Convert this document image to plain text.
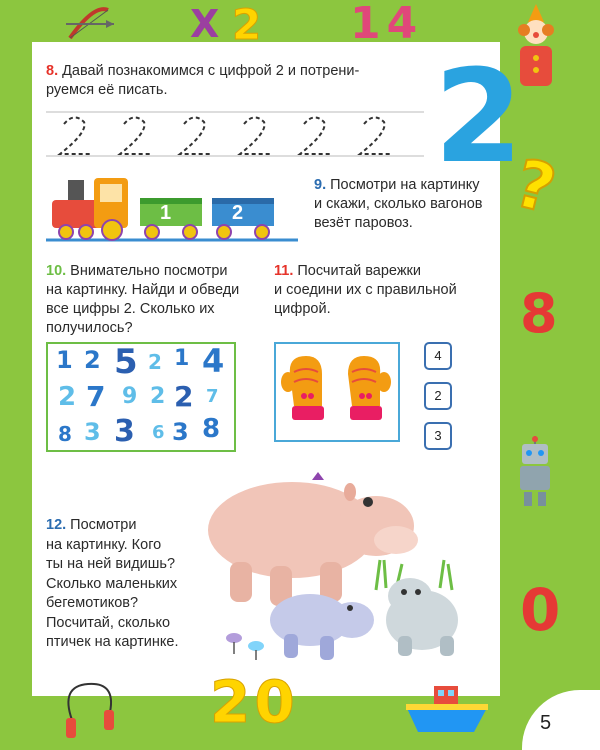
X 2 14
8. Давай познакомимся с цифрой 2 и потрени-
руемся её писать.	2
?
1	2
9. Посмотри на картинку
и скажи, сколько вагонов
везёт паровоз.
10. Внимательно посмотри
на картинку. Найди и обведи
все цифры 2. Сколько их
получилось?
11. Посчитай варежки
и соедини их с правильной
цифрой.
1 2 5 2 1 4
2 7 9 2 2 7
8 3 3 6 3 8
4
2
3
8
0
12. Посмотри
на картинку. Кого
ты на ней видишь?
Сколько маленьких
бегемотиков?
Посчитай, сколько
птичек на картинке.
20	5
